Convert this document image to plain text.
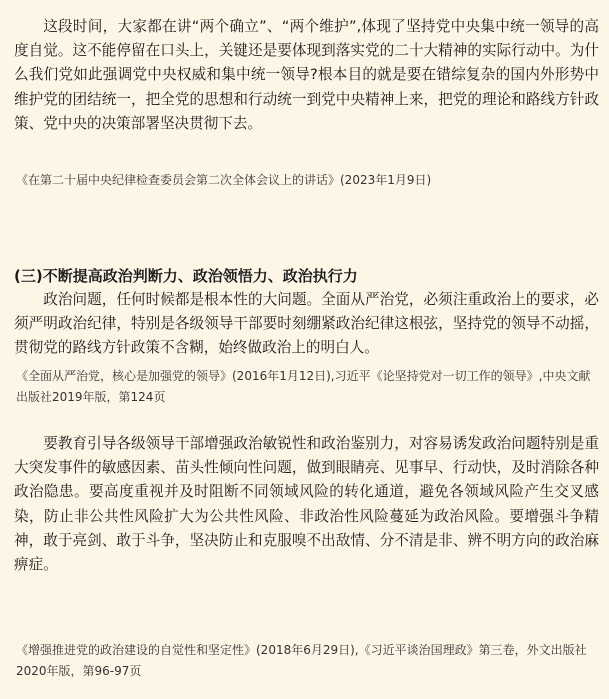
这段时间，大家都在讲“两个确立”、“两个维护”,体现了坚持党中央集中统一领导的高度自觉。这不能停留在口头上，关键还是要体现到落实党的二十大精神的实际行动中。为什么我们党如此强调党中央权威和集中统一领导?根本目的就是要在错综复杂的国内外形势中维护党的团结统一，把全党的思想和行动统一到党中央精神上来，把党的理论和路线方针政策、党中央的决策部署坚决贯彻下去。

《在第二十届中央纪律检查委员会第二次全体会议上的讲话》(2023年1月9日)

(三)不断提高政治判断力、政治领悟力、政治执行力

政治问题，任何时候都是根本性的大问题。全面从严治党，必须注重政治上的要求，必须严明政治纪律，特别是各级领导干部要时刻绷紧政治纪律这根弦，坚持党的领导不动摇，贯彻党的路线方针政策不含糊，始终做政治上的明白人。

《全面从严治党，核心是加强党的领导》(2016年1月12日),习近平《论坚持党对一切工作的领导》,中央文献出版社2019年版，第124页

要教育引导各级领导干部增强政治敏锐性和政治鉴别力，对容易诱发政治问题特别是重大突发事件的敏感因素、苗头性倾向性问题，做到眼睛亮、见事早、行动快，及时消除各种政治隐患。要高度重视并及时阻断不同领域风险的转化通道，避免各领域风险产生交叉感染，防止非公共性风险扩大为公共性风险、非政治性风险蔓延为政治风险。要增强斗争精神，敢于亮剑、敢于斗争，坚决防止和克服嗅不出敌情、分不清是非、辨不明方向的政治麻痹症。

《增强推进党的政治建设的自觉性和坚定性》(2018年6月29日),《习近平谈治国理政》第三卷，外文出版社2020年版，第96-97页
